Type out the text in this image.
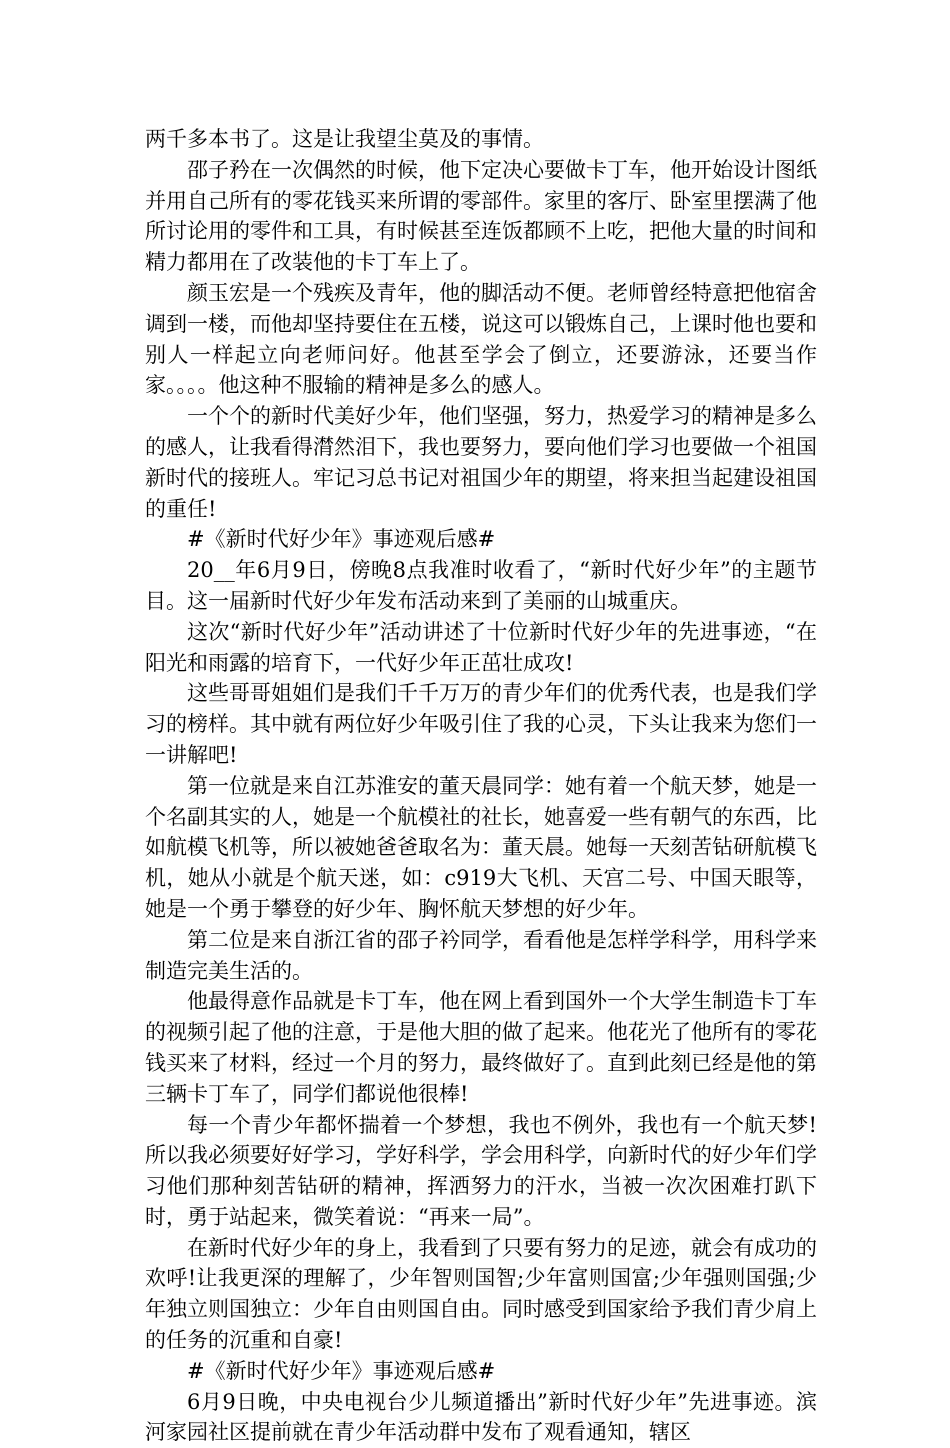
两千多本书了。这是让我望尘莫及的事情。

邵子矜在一次偶然的时候，他下定决心要做卡丁车，他开始设计图纸并用自己所有的零花钱买来所谓的零部件。家里的客厅、卧室里摆满了他所讨论用的零件和工具，有时候甚至连饭都顾不上吃，把他大量的时间和精力都用在了改装他的卡丁车上了。

颜玉宏是一个残疾及青年，他的脚活动不便。老师曾经特意把他宿舍调到一楼，而他却坚持要住在五楼，说这可以锻炼自己，上课时他也要和别人一样起立向老师问好。他甚至学会了倒立，还要游泳，还要当作家。。。。他这种不服输的精神是多么的感人。

一个个的新时代美好少年，他们坚强，努力，热爱学习的精神是多么的感人，让我看得潸然泪下，我也要努力，要向他们学习也要做一个祖国新时代的接班人。牢记习总书记对祖国少年的期望，将来担当起建设祖国的重任!

#《新时代好少年》事迹观后感#

20__年6月9日，傍晚8点我准时收看了，“新时代好少年”的主题节目。这一届新时代好少年发布活动来到了美丽的山城重庆。

这次“新时代好少年”活动讲述了十位新时代好少年的先进事迹，“在阳光和雨露的培育下，一代好少年正茁壮成攻!

这些哥哥姐姐们是我们千千万万的青少年们的优秀代表，也是我们学习的榜样。其中就有两位好少年吸引住了我的心灵，下头让我来为您们一一讲解吧!

第一位就是来自江苏淮安的董天晨同学：她有着一个航天梦，她是一个名副其实的人，她是一个航模社的社长，她喜爱一些有朝气的东西，比如航模飞机等，所以被她爸爸取名为：董天晨。她每一天刻苦钻研航模飞机，她从小就是个航天迷，如：c919大飞机、天宫二号、中国天眼等，她是一个勇于攀登的好少年、胸怀航天梦想的好少年。

第二位是来自浙江省的邵子衿同学，看看他是怎样学科学，用科学来制造完美生活的。

他最得意作品就是卡丁车，他在网上看到国外一个大学生制造卡丁车的视频引起了他的注意，于是他大胆的做了起来。他花光了他所有的零花钱买来了材料，经过一个月的努力，最终做好了。直到此刻已经是他的第三辆卡丁车了，同学们都说他很棒!

每一个青少年都怀揣着一个梦想，我也不例外，我也有一个航天梦!所以我必须要好好学习，学好科学，学会用科学，向新时代的好少年们学习他们那种刻苦钻研的精神，挥洒努力的汗水，当被一次次困难打趴下时，勇于站起来，微笑着说：“再来一局”。

在新时代好少年的身上，我看到了只要有努力的足迹，就会有成功的欢呼!让我更深的理解了，少年智则国智;少年富则国富;少年强则国强;少年独立则国独立：少年自由则国自由。同时感受到国家给予我们青少肩上的任务的沉重和自豪!

#《新时代好少年》事迹观后感#

6月9日晚，中央电视台少儿频道播出”新时代好少年”先进事迹。滨河家园社区提前就在青少年活动群中发布了观看通知，辖区
